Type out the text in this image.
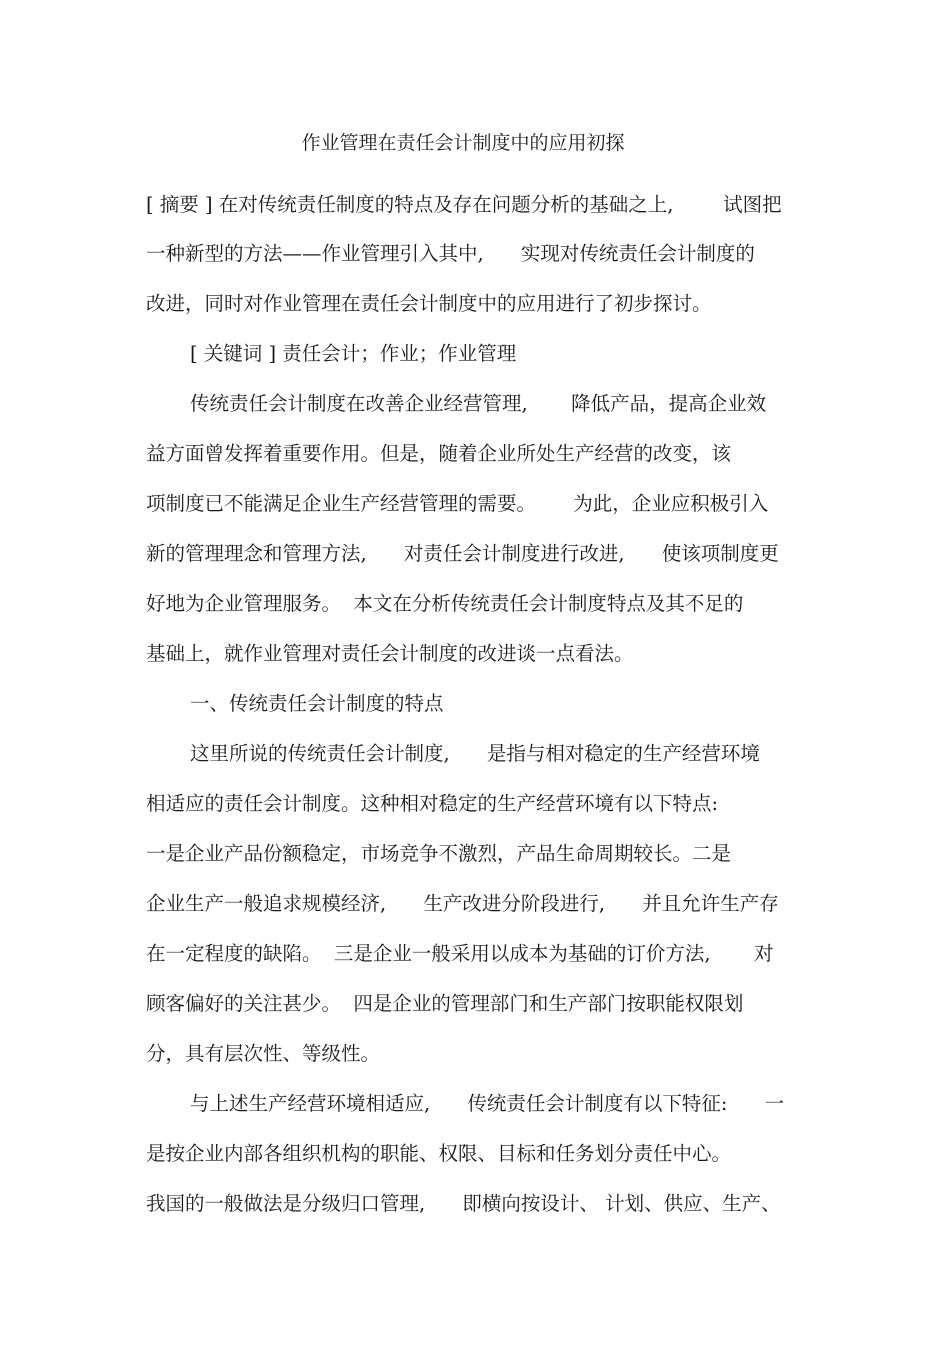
作业管理在责任会计制度中的应用初探
[ 摘要 ] 在对传统责任制度的特点及存在问题分析的基础之上,        试图把
一种新型的方法——作业管理引入其中,      实现对传统责任会计制度的
改进，同时对作业管理在责任会计制度中的应用进行了初步探讨。
[ 关键词 ] 责任会计；作业；作业管理
传统责任会计制度在改善企业经营管理,       降低产品，提高企业效
益方面曾发挥着重要作用。但是，随着企业所处生产经营的改变，该
项制度已不能满足企业生产经营管理的需要。      为此，企业应积极引入
新的管理理念和管理方法,      对责任会计制度进行改进,      使该项制度更
好地为企业管理服务。  本文在分析传统责任会计制度特点及其不足的
基础上，就作业管理对责任会计制度的改进谈一点看法。
一、传统责任会计制度的特点
这里所说的传统责任会计制度,      是指与相对稳定的生产经营环境
相适应的责任会计制度。这种相对稳定的生产经营环境有以下特点:
一是企业产品份额稳定，市场竞争不激烈，产品生命周期较长。二是
企业生产一般追求规模经济,      生产改进分阶段进行,      并且允许生产存
在一定程度的缺陷。  三是企业一般采用以成本为基础的订价方法,       对
顾客偏好的关注甚少。  四是企业的管理部门和生产部门按职能权限划
分，具有层次性、等级性。
与上述生产经营环境相适应,      传统责任会计制度有以下特征:      一
是按企业内部各组织机构的职能、权限、目标和任务划分责任中心。
我国的一般做法是分级归口管理,      即横向按设计、 计划、供应、生产、
